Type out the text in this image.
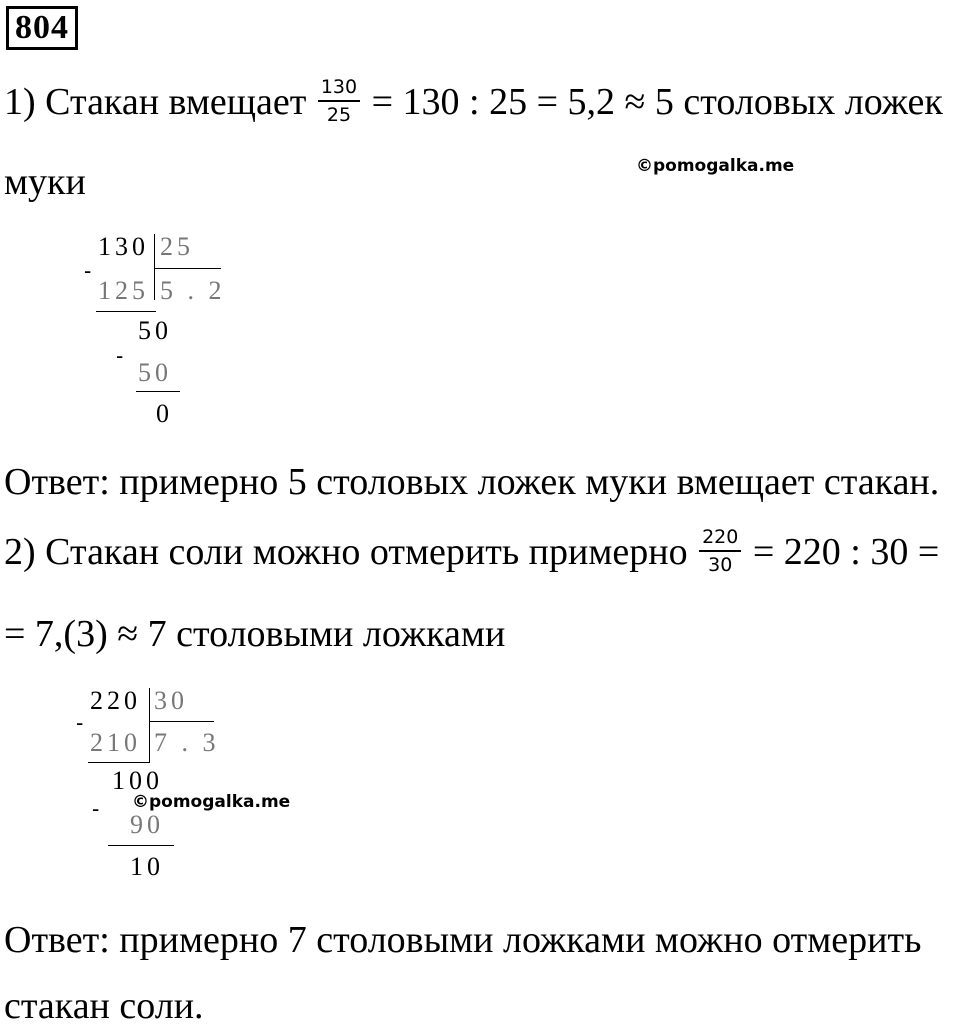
804
1) Стакан вмещает $\frac{130}{25} = 130$ : 25 = 5,2 ≈ 5 столовых ложек
©pomogalka.me
муки
130 25
-
125 5 . 2
50
-
50
0
Ответ: примерно 5 столовых ложек муки вмещает стакан.
2) Стакан соли можно отмерить примерно $\frac{220}{30} = 220$ : 30 =
= 7,(3) ≈ 7 столовыми ложками
220 30
-
210 7 . 3
100
-
90
10
©pomogalka.me
Ответ: примерно 7 столовыми ложками можно отмерить
стакан соли.
